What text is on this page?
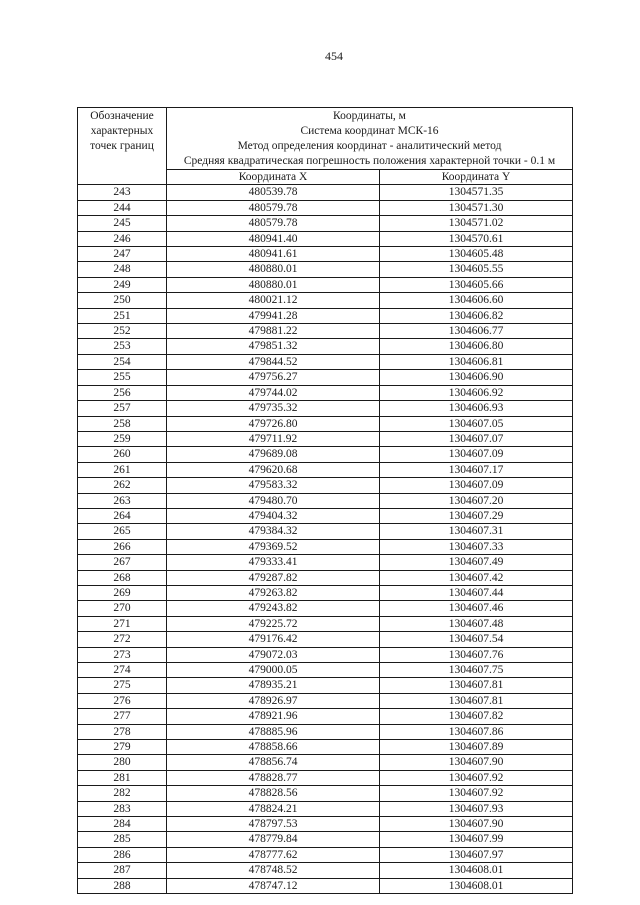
454
Обозначение
характерных
точек границ	Координаты, м
Система координат МСК-16
Метод определения координат - аналитический метод
Средняя квадратическая погрешность положения характерной точки - 0.1 м	

	Координата X	Координата Y
243	480539.78	1304571.35
244	480579.78	1304571.30
245	480579.78	1304571.02
246	480941.40	1304570.61
247	480941.61	1304605.48
248	480880.01	1304605.55
249	480880.01	1304605.66
250	480021.12	1304606.60
251	479941.28	1304606.82
252	479881.22	1304606.77
253	479851.32	1304606.80
254	479844.52	1304606.81
255	479756.27	1304606.90
256	479744.02	1304606.92
257	479735.32	1304606.93
258	479726.80	1304607.05
259	479711.92	1304607.07
260	479689.08	1304607.09
261	479620.68	1304607.17
262	479583.32	1304607.09
263	479480.70	1304607.20
264	479404.32	1304607.29
265	479384.32	1304607.31
266	479369.52	1304607.33
267	479333.41	1304607.49
268	479287.82	1304607.42
269	479263.82	1304607.44
270	479243.82	1304607.46
271	479225.72	1304607.48
272	479176.42	1304607.54
273	479072.03	1304607.76
274	479000.05	1304607.75
275	478935.21	1304607.81
276	478926.97	1304607.81
277	478921.96	1304607.82
278	478885.96	1304607.86
279	478858.66	1304607.89
280	478856.74	1304607.90
281	478828.77	1304607.92
282	478828.56	1304607.92
283	478824.21	1304607.93
284	478797.53	1304607.90
285	478779.84	1304607.99
286	478777.62	1304607.97
287	478748.52	1304608.01
288	478747.12	1304608.01
